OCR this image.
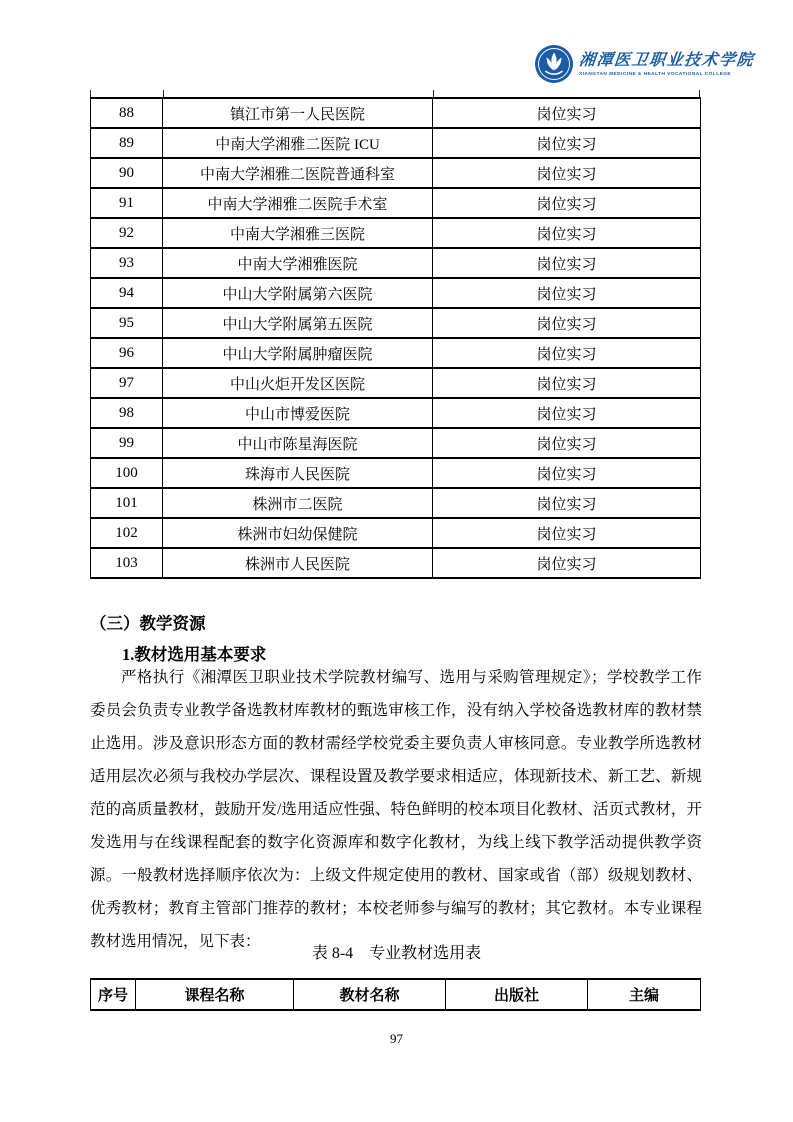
湘潭医卫职业技术学院
XIANGTAN MEDICINE & HEALTH VOCATIONAL COLLEGE
88	镇江市第一人民医院	岗位实习
89	中南大学湘雅二医院 ICU	岗位实习
90	中南大学湘雅二医院普通科室	岗位实习
91	中南大学湘雅二医院手术室	岗位实习
92	中南大学湘雅三医院	岗位实习
93	中南大学湘雅医院	岗位实习
94	中山大学附属第六医院	岗位实习
95	中山大学附属第五医院	岗位实习
96	中山大学附属肿瘤医院	岗位实习
97	中山火炬开发区医院	岗位实习
98	中山市博爱医院	岗位实习
99	中山市陈星海医院	岗位实习
100	珠海市人民医院	岗位实习
101	株洲市二医院	岗位实习
102	株洲市妇幼保健院	岗位实习
103	株洲市人民医院	岗位实习
（三）教学资源
1.教材选用基本要求
严格执行《湘潭医卫职业技术学院教材编写、选用与采购管理规定》；学校教学工作委员会负责专业教学备选教材库教材的甄选审核工作，没有纳入学校备选教材库的教材禁止选用。涉及意识形态方面的教材需经学校党委主要负责人审核同意。专业教学所选教材适用层次必须与我校办学层次、课程设置及教学要求相适应，体现新技术、新工艺、新规范的高质量教材，鼓励开发/选用适应性强、特色鲜明的校本项目化教材、活页式教材，开发选用与在线课程配套的数字化资源库和数字化教材，为线上线下教学活动提供教学资源。一般教材选择顺序依次为：上级文件规定使用的教材、国家或省（部）级规划教材、优秀教材；教育主管部门推荐的教材；本校老师参与编写的教材；其它教材。本专业课程教材选用情况，见下表：
表 8-4　专业教材选用表
序号	课程名称	教材名称	出版社	主编
97
